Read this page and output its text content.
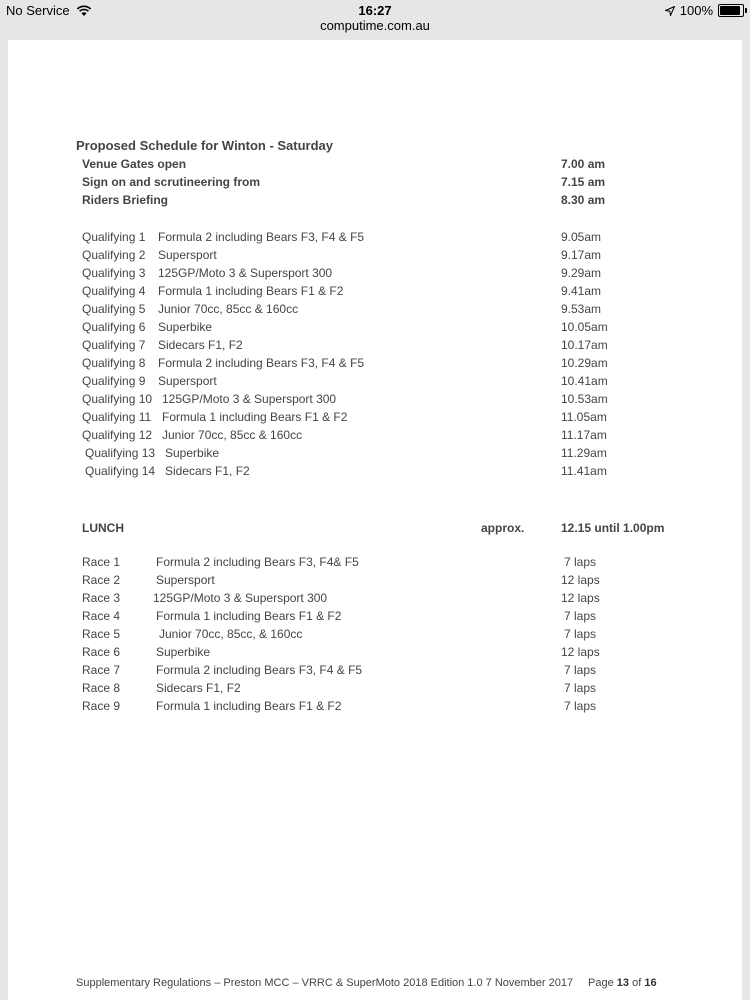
No Service	16:27	100%
computime.com.au
Proposed Schedule for Winton - Saturday
Venue Gates open	7.00 am
Sign on and scrutineering from	7.15 am
Riders Briefing	8.30 am
Qualifying 1 Formula 2 including Bears F3, F4 & F5	9.05am
Qualifying 2 Supersport	9.17am
Qualifying 3 125GP/Moto 3 & Supersport 300	9.29am
Qualifying 4 Formula 1 including Bears F1 & F2	9.41am
Qualifying 5 Junior 70cc, 85cc & 160cc	9.53am
Qualifying 6 Superbike	10.05am
Qualifying 7 Sidecars F1, F2	10.17am
Qualifying 8 Formula 2 including Bears F3, F4 & F5	10.29am
Qualifying 9 Supersport	10.41am
Qualifying 10 125GP/Moto 3 & Supersport 300	10.53am
Qualifying 11 Formula 1 including Bears F1 & F2	11.05am
Qualifying 12 Junior 70cc, 85cc & 160cc	11.17am
Qualifying 13 Superbike	11.29am
Qualifying 14 Sidecars F1, F2	11.41am
LUNCH	approx.	12.15 until 1.00pm
Race 1	Formula 2 including Bears F3, F4& F5	7 laps
Race 2	Supersport	12 laps
Race 3	125GP/Moto 3 & Supersport 300	12 laps
Race 4	Formula 1 including Bears F1 & F2	7 laps
Race 5	Junior 70cc, 85cc, & 160cc	7 laps
Race 6	Superbike	12 laps
Race 7	Formula 2 including Bears F3, F4 & F5	7 laps
Race 8	Sidecars F1, F2	7 laps
Race 9	Formula 1 including Bears F1 & F2	7 laps
Supplementary Regulations – Preston MCC – VRRC & SuperMoto 2018 Edition 1.0 7 November 2017 Page 13 of 16
